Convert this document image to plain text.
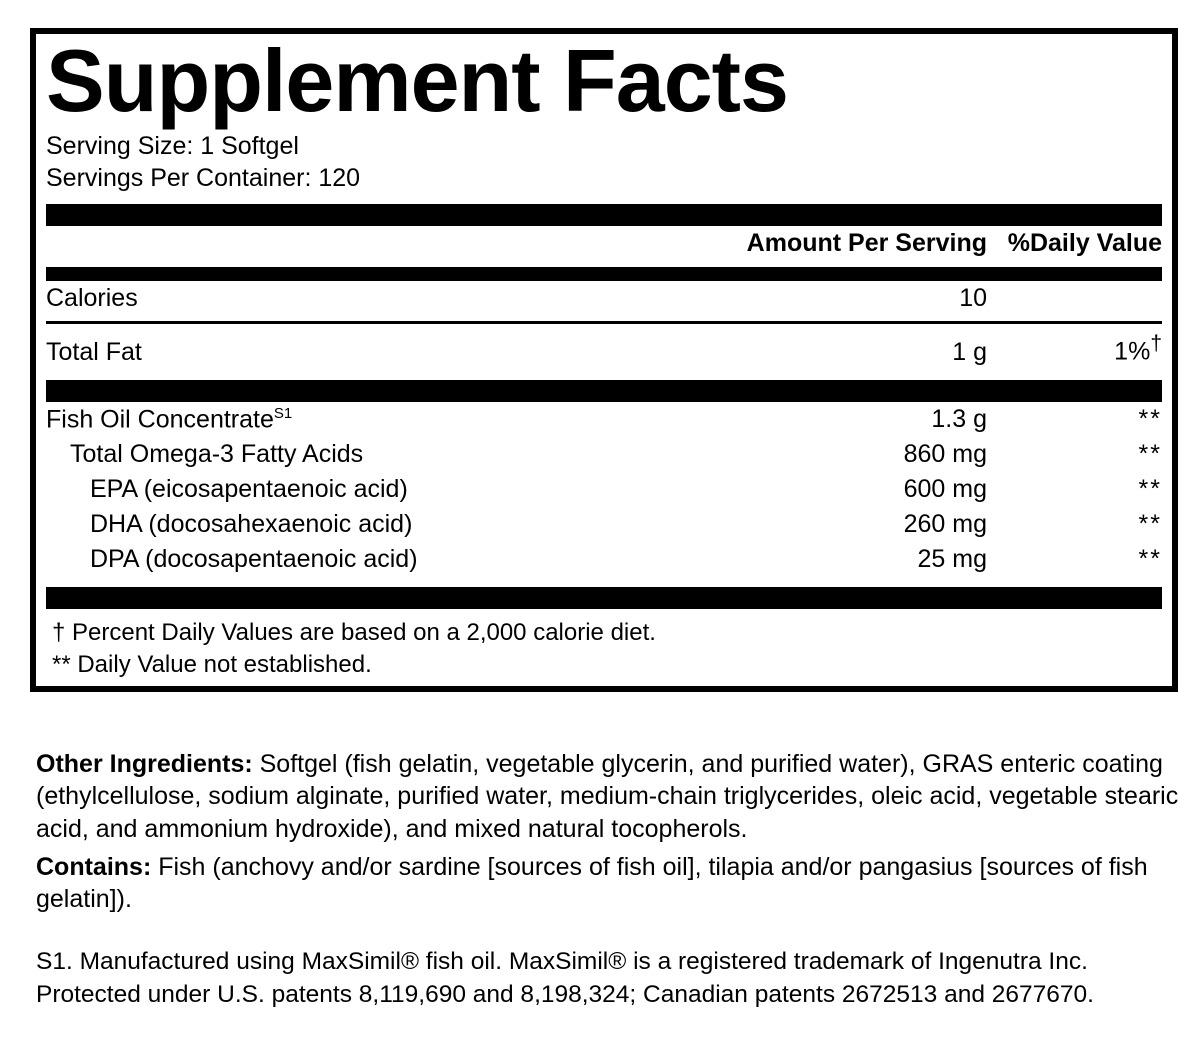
Supplement Facts
Serving Size: 1 Softgel
Servings Per Container: 120
	Amount Per Serving	%Daily Value
Calories	10	

Total Fat	1 g	1%†
Fish Oil Concentrate$^{S1}$	1.3 g	**
Total Omega-3 Fatty Acids	860 mg	**
EPA (eicosapentaenoic acid)	600 mg	**
DHA (docosahexaenoic acid)	260 mg	**
DPA (docosapentaenoic acid)	25 mg	**
† Percent Daily Values are based on a 2,000 calorie diet.
** Daily Value not established.

Other Ingredients: Softgel (fish gelatin, vegetable glycerin, and purified water), GRAS enteric coating (ethylcellulose, sodium alginate, purified water, medium-chain triglycerides, oleic acid, vegetable stearic acid, and ammonium hydroxide), and mixed natural tocopherols.

Contains: Fish (anchovy and/or sardine [sources of fish oil], tilapia and/or pangasius [sources of fish gelatin]).

S1. Manufactured using MaxSimil® fish oil. MaxSimil® is a registered trademark of Ingenutra Inc.

Protected under U.S. patents 8,119,690 and 8,198,324; Canadian patents 2672513 and 2677670.
